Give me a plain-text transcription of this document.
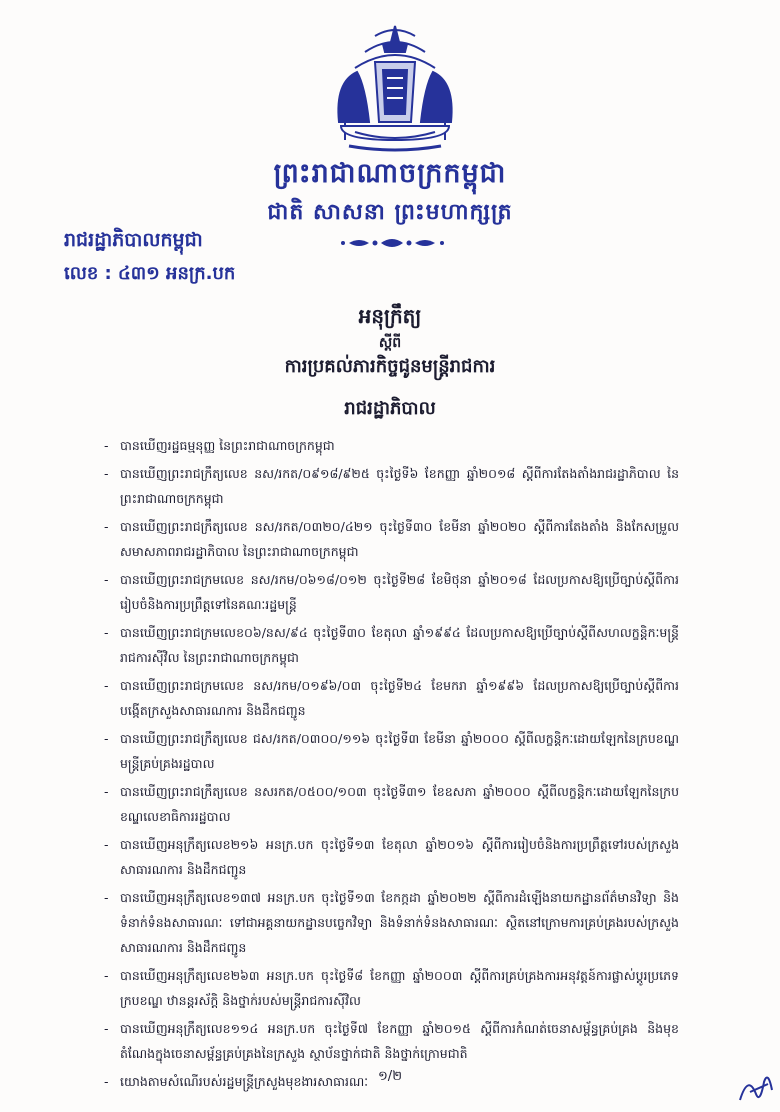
ព្រះរាជាណាចក្រកម្ពុជា
ជាតិ សាសនា ព្រះមហាក្សត្រ
រាជរដ្ឋាភិបាលកម្ពុជា
លេខ : ៤៣១ អនក្រ.បក
អនុក្រឹត្យ
ស្តីពី
ការប្រគល់ភារកិច្ចជូនមន្ត្រីរាជការ
រាជរដ្ឋាភិបាល
- បានឃើញរដ្ឋធម្មនុញ្ញ នៃព្រះរាជាណាចក្រកម្ពុជា
- បានឃើញព្រះរាជក្រឹត្យលេខ នស/រកត/០៩១៨/៩២៥ ចុះថ្ងៃទី៦ ខែកញ្ញា ឆ្នាំ២០១៨ ស្តីពីការតែងតាំងរាជរដ្ឋាភិបាល នៃព្រះរាជាណាចក្រកម្ពុជា
- បានឃើញព្រះរាជក្រឹត្យលេខ នស/រកត/០៣២០/៤២១ ចុះថ្ងៃទី៣០ ខែមីនា ឆ្នាំ២០២០ ស្តីពីការតែងតាំង និងកែសម្រួលសមាសភាពរាជរដ្ឋាភិបាល នៃព្រះរាជាណាចក្រកម្ពុជា
- បានឃើញព្រះរាជក្រមលេខ នស/រកម/០៦១៨/០១២ ចុះថ្ងៃទី២៨ ខែមិថុនា ឆ្នាំ២០១៨ ដែលប្រកាសឱ្យប្រើច្បាប់ស្តីពីការរៀបចំនិងការប្រព្រឹត្តទៅនៃគណៈរដ្ឋមន្ត្រី
- បានឃើញព្រះរាជក្រមលេខ០៦/នស/៩៤ ចុះថ្ងៃទី៣០ ខែតុលា ឆ្នាំ១៩៩៤ ដែលប្រកាសឱ្យប្រើច្បាប់ស្តីពីសហលក្ខន្តិកៈមន្ត្រីរាជការស៊ីវិល នៃព្រះរាជាណាចក្រកម្ពុជា
- បានឃើញព្រះរាជក្រមលេខ នស/រកម/០១៩៦/០៣ ចុះថ្ងៃទី២៤ ខែមករា ឆ្នាំ១៩៩៦ ដែលប្រកាសឱ្យប្រើច្បាប់ស្តីពីការបង្កើតក្រសួងសាធារណការ និងដឹកជញ្ជូន
- បានឃើញព្រះរាជក្រឹត្យលេខ ជស/រកត/០៣០០/១១៦ ចុះថ្ងៃទី៣ ខែមីនា ឆ្នាំ២០០០ ស្តីពីលក្ខន្តិកៈដោយឡែកនៃក្របខណ្ឌមន្ត្រីគ្រប់គ្រងរដ្ឋបាល
- បានឃើញព្រះរាជក្រឹត្យលេខ នសរកត/០៥០០/១០៣ ចុះថ្ងៃទី៣១ ខែឧសភា ឆ្នាំ២០០០ ស្តីពីលក្ខន្តិកៈដោយឡែកនៃក្របខណ្ឌលេខាធិការរដ្ឋបាល
- បានឃើញអនុក្រឹត្យលេខ២១៦ អនក្រ.បក ចុះថ្ងៃទី១៣ ខែតុលា ឆ្នាំ២០១៦ ស្តីពីការរៀបចំនិងការប្រព្រឹត្តទៅរបស់ក្រសួងសាធារណការ និងដឹកជញ្ជូន
- បានឃើញអនុក្រឹត្យលេខ១៣៧ អនក្រ.បក ចុះថ្ងៃទី១៣ ខែកក្កដា ឆ្នាំ២០២២ ស្តីពីការដំឡើងនាយកដ្ឋានព័ត៌មានវិទ្យា និងទំនាក់ទំនងសាធារណៈ ទៅជាអគ្គនាយកដ្ឋានបច្ចេកវិទ្យា និងទំនាក់ទំនងសាធារណៈ ស្ថិតនៅក្រោមការគ្រប់គ្រងរបស់ក្រសួងសាធារណការ និងដឹកជញ្ជូន
- បានឃើញអនុក្រឹត្យលេខ២៦៣ អនក្រ.បក ចុះថ្ងៃទី៨ ខែកញ្ញា ឆ្នាំ២០០៣ ស្តីពីការគ្រប់គ្រងការអនុវត្តន៍ការផ្លាស់ប្តូរប្រភេទក្របខណ្ឌ ឋានន្តរស័ក្តិ និងថ្នាក់របស់មន្ត្រីរាជការស៊ីវិល
- បានឃើញអនុក្រឹត្យលេខ១១៤ អនក្រ.បក ចុះថ្ងៃទី៧ ខែកញ្ញា ឆ្នាំ២០១៥ ស្តីពីការកំណត់ចេនាសម្ព័ន្ធគ្រប់គ្រង និងមុខតំណែងក្នុងចេនាសម្ព័ន្ធគ្រប់គ្រងនៃក្រសួង ស្ថាប័នថ្នាក់ជាតិ និងថ្នាក់ក្រោមជាតិ
- យោងតាមសំណើរបស់រដ្ឋមន្ត្រីក្រសួងមុខងារសាធារណៈ ១/២
